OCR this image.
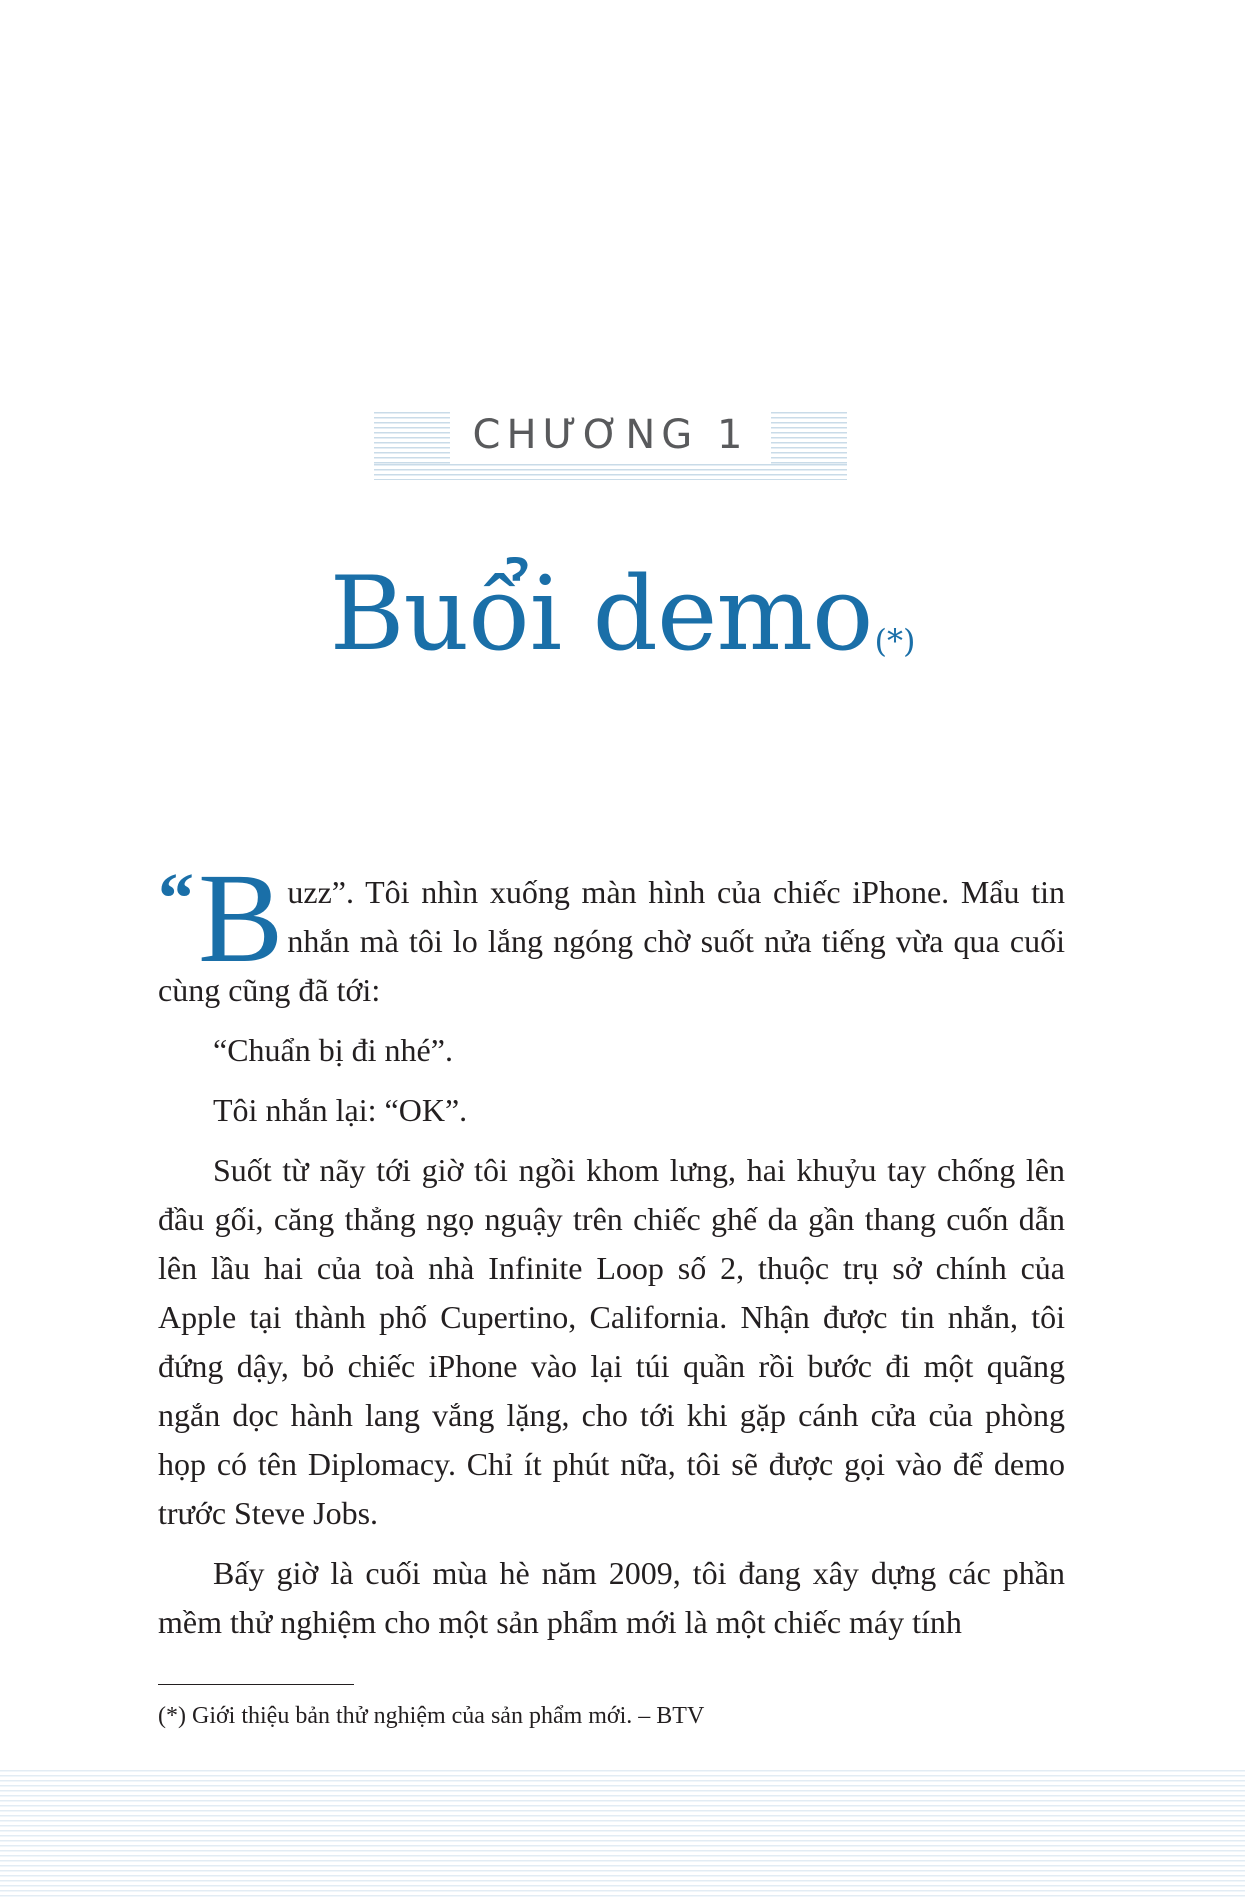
CHƯƠNG 1
Buổi demo(*)

“ B uzz”. Tôi nhìn xuống màn hình của chiếc iPhone. Mẩu tin nhắn mà tôi lo lắng ngóng chờ suốt nửa tiếng vừa qua cuối cùng cũng đã tới:

“Chuẩn bị đi nhé”.

Tôi nhắn lại: “OK”.

Suốt từ nãy tới giờ tôi ngồi khom lưng, hai khuỷu tay chống lên đầu gối, căng thẳng ngọ nguậy trên chiếc ghế da gần thang cuốn dẫn lên lầu hai của toà nhà Infinite Loop số 2, thuộc trụ sở chính của Apple tại thành phố Cupertino, California. Nhận được tin nhắn, tôi đứng dậy, bỏ chiếc iPhone vào lại túi quần rồi bước đi một quãng ngắn dọc hành lang vắng lặng, cho tới khi gặp cánh cửa của phòng họp có tên Diplomacy. Chỉ ít phút nữa, tôi sẽ được gọi vào để demo trước Steve Jobs.

Bấy giờ là cuối mùa hè năm 2009, tôi đang xây dựng các phần mềm thử nghiệm cho một sản phẩm mới là một chiếc máy tính

(*) Giới thiệu bản thử nghiệm của sản phẩm mới. – BTV
